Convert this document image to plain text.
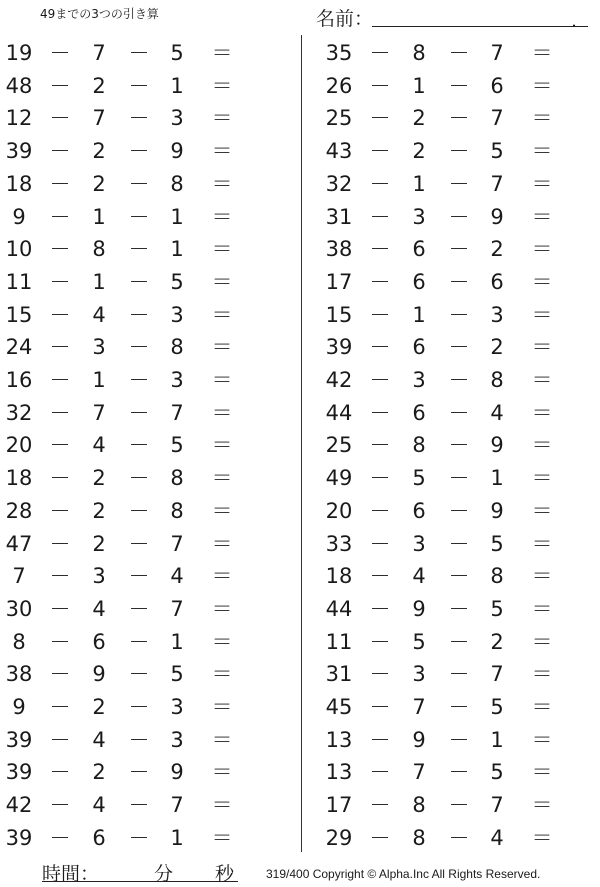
49までの3つの引き算	名前：	.
19 －	7	－ 5	＝
48 －	2	－ 1	＝
12 －	7	－ 3	＝
39 －	2	－ 9	＝
18 －	2	－ 8	＝
9	－	1	－ 1	＝
10 －	8	－ 1	＝
11 －	1	－ 5	＝
15 －	4	－ 3	＝
24 －	3	－ 8	＝
16 －	1	－ 3	＝
32 －	7	－ 7	＝
20 －	4	－ 5	＝
18 －	2	－ 8	＝
28 －	2	－ 8	＝
47 －	2	－ 7	＝
7	－	3	－ 4	＝
30 －	4	－ 7	＝
8	－	6	－ 1	＝
38 －	9	－ 5	＝
9	－	2	－ 3	＝
39 －	4	－ 3	＝
39 －	2	－ 9	＝
42 －	4	－ 7	＝
39 －	6	－ 1	＝
35 －	8	－ 7	＝
26 －	1	－ 6	＝
25 －	2	－ 7	＝
43 －	2	－ 5	＝
32 －	1	－ 7	＝
31 －	3	－ 9	＝
38 －	6	－ 2	＝
17 －	6	－ 6	＝
15 －	1	－ 3	＝
39 －	6	－ 2	＝
42 －	3	－ 8	＝
44 －	6	－ 4	＝
25 －	8	－ 9	＝
49 －	5	－ 1	＝
20 －	6	－ 9	＝
33 －	3	－ 5	＝
18 －	4	－ 8	＝
44 －	9	－ 5	＝
11 －	5	－ 2	＝
31 －	3	－ 7	＝
45 －	7	－ 5	＝
13 －	9	－ 1	＝
13 －	7	－ 5	＝
17 －	8	－ 7	＝
29 －	8	－ 4	＝
時間：	分 秒	319/400 Copyright © Alpha.Inc All Rights Reserved.
